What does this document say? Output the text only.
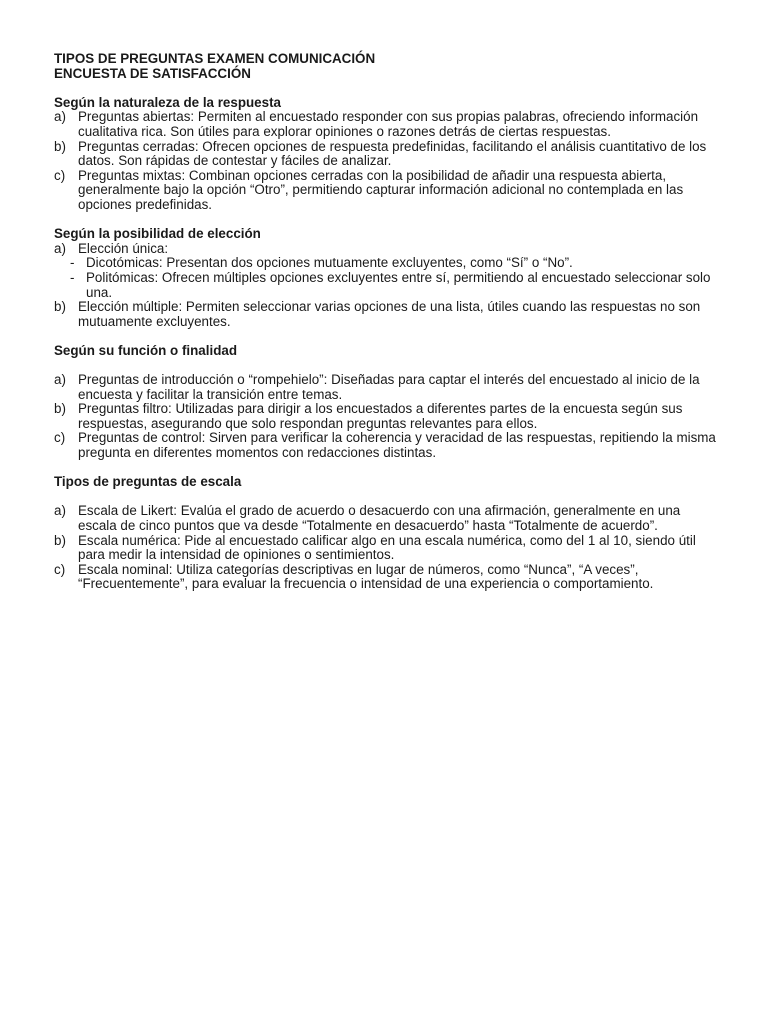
TIPOS DE PREGUNTAS EXAMEN COMUNICACIÓN

ENCUESTA DE SATISFACCIÓN

Según la naturaleza de la respuesta

a) Preguntas abiertas: Permiten al encuestado responder con sus propias palabras, ofreciendo información cualitativa rica. Son útiles para explorar opiniones o razones detrás de ciertas respuestas.
b) Preguntas cerradas: Ofrecen opciones de respuesta predefinidas, facilitando el análisis cuantitativo de los datos. Son rápidas de contestar y fáciles de analizar.
c) Preguntas mixtas: Combinan opciones cerradas con la posibilidad de añadir una respuesta abierta, generalmente bajo la opción “Otro”, permitiendo capturar información adicional no contemplada en las opciones predefinidas.

Según la posibilidad de elección

a) Elección única:
- Dicotómicas: Presentan dos opciones mutuamente excluyentes, como “Sí” o “No”.
- Politómicas: Ofrecen múltiples opciones excluyentes entre sí, permitiendo al encuestado seleccionar solo una.
b) Elección múltiple: Permiten seleccionar varias opciones de una lista, útiles cuando las respuestas no son mutuamente excluyentes.

Según su función o finalidad

a) Preguntas de introducción o “rompehielo”: Diseñadas para captar el interés del encuestado al inicio de la encuesta y facilitar la transición entre temas.
b) Preguntas filtro: Utilizadas para dirigir a los encuestados a diferentes partes de la encuesta según sus respuestas, asegurando que solo respondan preguntas relevantes para ellos.
c) Preguntas de control: Sirven para verificar la coherencia y veracidad de las respuestas, repitiendo la misma pregunta en diferentes momentos con redacciones distintas.

Tipos de preguntas de escala

a) Escala de Likert: Evalúa el grado de acuerdo o desacuerdo con una afirmación, generalmente en una escala de cinco puntos que va desde “Totalmente en desacuerdo” hasta “Totalmente de acuerdo”.
b) Escala numérica: Pide al encuestado calificar algo en una escala numérica, como del 1 al 10, siendo útil para medir la intensidad de opiniones o sentimientos.
c) Escala nominal: Utiliza categorías descriptivas en lugar de números, como “Nunca”, “A veces”, “Frecuentemente”, para evaluar la frecuencia o intensidad de una experiencia o comportamiento.
